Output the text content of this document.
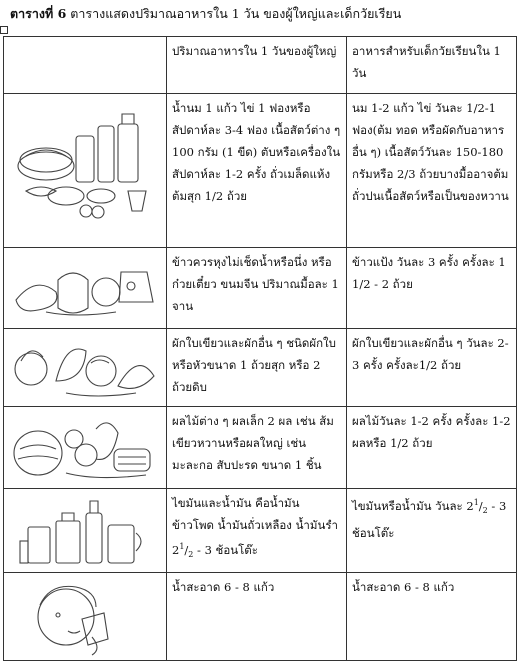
ตารางที่ 6 ตารางแสดงปริมาณอาหารใน 1 วัน ของผู้ใหญ่และเด็กวัยเรียน

	ปริมาณอาหารใน 1 วันของผู้ใหญ่	อาหารสำหรับเด็กวัยเรียนใน 1 วัน

น้ำนม 1 แก้ว ไข่ 1 ฟองหรือสัปดาห์ละ 3-4 ฟอง เนื้อสัตว์ต่าง ๆ 100 กรัม (1 ขีด) ตับหรือเครื่องในสัปดาห์ละ 1-2 ครั้ง ถั่วเมล็ดแห้งต้มสุก 1/2 ถ้วย	นม 1-2 แก้ว ไข่ วันละ 1/2-1 ฟอง(ต้ม ทอด หรือผัดกับอาหารอื่น ๆ) เนื้อสัตว์วันละ 150-180 กรัมหรือ 2/3 ถ้วยบางมื้ออาจต้มถั่วปนเนื้อสัตว์หรือเป็นของหวาน

ข้าวควรหุงไม่เช็ดน้ำหรือนึ่ง หรือก๋วยเตี๋ยว ขนมจีน ปริมาณมื้อละ 1 จาน	ข้าวแป้ง วันละ 3 ครั้ง ครั้งละ 1 1/2 - 2 ถ้วย

ผักใบเขียวและผักอื่น ๆ ชนิดผักใบหรือหัวขนาด 1 ถ้วยสุก หรือ 2 ถ้วยดิบ	ผักใบเขียวและผักอื่น ๆ วันละ 2-3 ครั้ง ครั้งละ1/2 ถ้วย

ผลไม้ต่าง ๆ ผลเล็ก 2 ผล เช่น ส้มเขียวหวานหรือผลใหญ่ เช่น มะละกอ สับปะรด ขนาด 1 ชิ้น	ผลไม้วันละ 1-2 ครั้ง ครั้งละ 1-2 ผลหรือ 1/2 ถ้วย

ไขมันและน้ำมัน คือน้ำมันข้าวโพด น้ำมันถั่วเหลือง น้ำมันรำ $2^1/_2 - 3$ ช้อนโต๊ะ	ไขมันหรือน้ำมัน วันละ $2^1/_2 - 3$ ช้อนโต๊ะ

น้ำสะอาด 6 - 8 แก้ว	น้ำสะอาด 6 - 8 แก้ว
